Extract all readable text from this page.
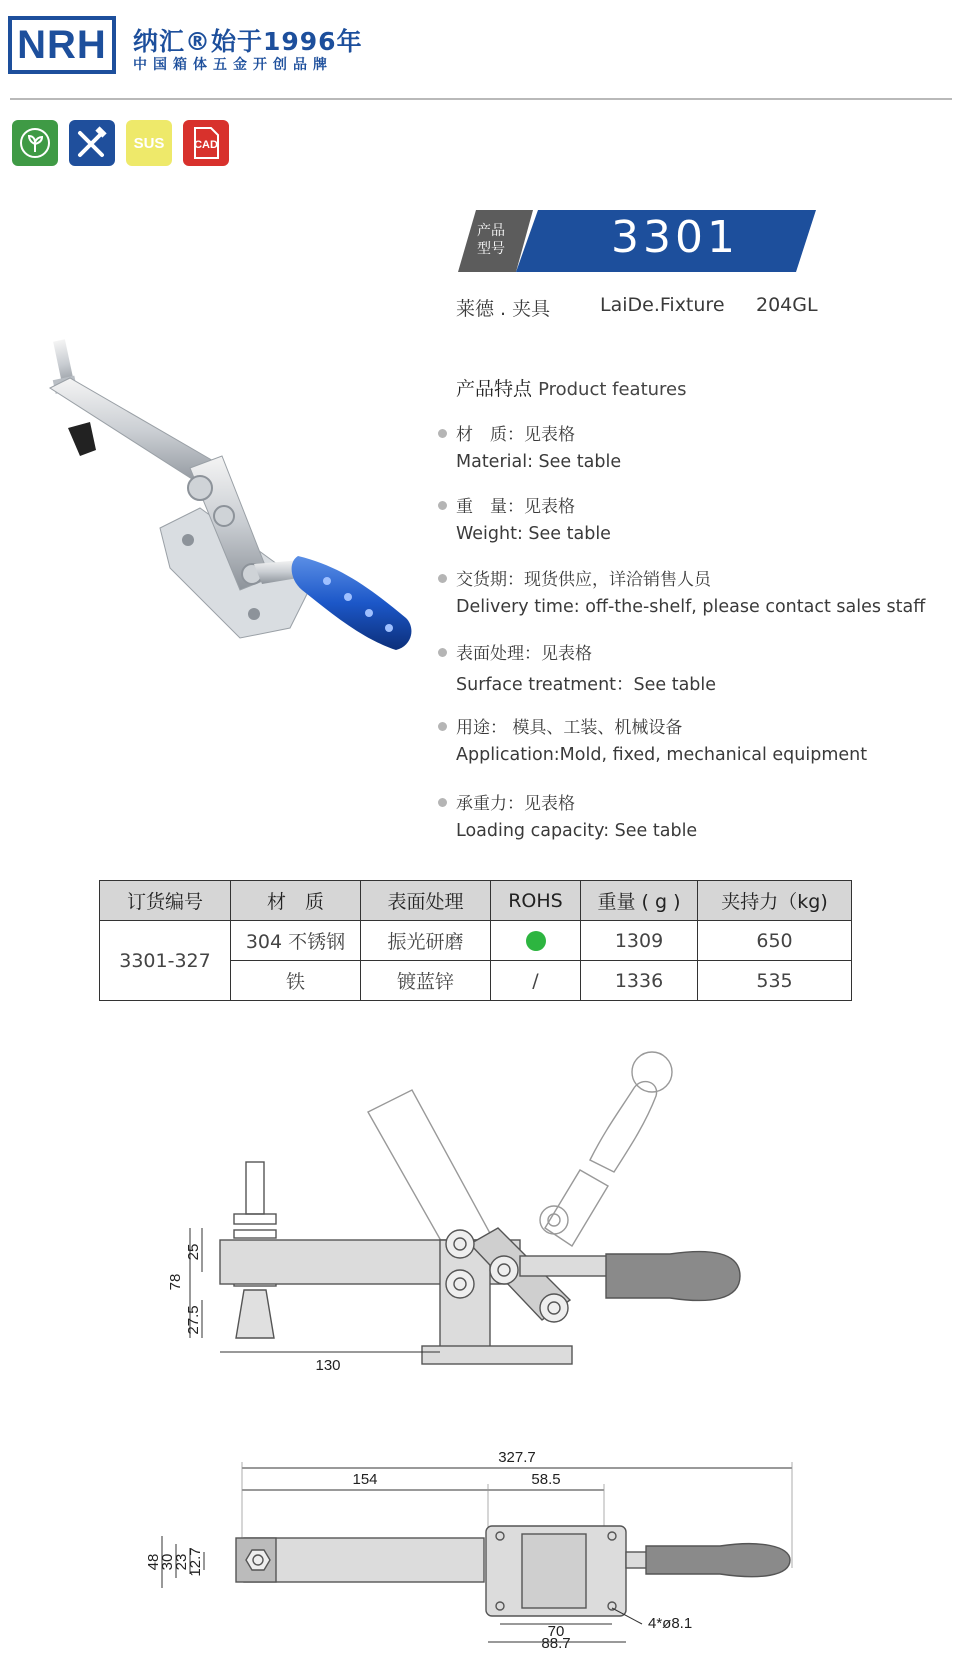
NRH 纳汇®始于1996年
中国箱体五金开创品牌
SUS	CAD
产品
型号	3301
莱德 . 夹具	LaiDe.Fixture 204GL
产品特点 Product features
材　质：见表格
Material: See table
重　量：见表格
Weight: See table
交货期：现货供应，详洽销售人员
Delivery time: off-the-shelf, please contact sales staff
表面处理：见表格
Surface treatment：See table
用途： 模具、工装、机械设备
Application:Mold, fixed, mechanical equipment
承重力：见表格
Loading capacity: See table
订货编号	材　质	表面处理	ROHS	重量 ( g )	夹持力（kg)
3301-327	304 不锈钢	振光研磨		1309	650
	铁	镀蓝锌	/	1336	535
78
25
27.5
130
327.7
154	58.5
48
30
23
12.7
70
88.7
4*ø8.1
